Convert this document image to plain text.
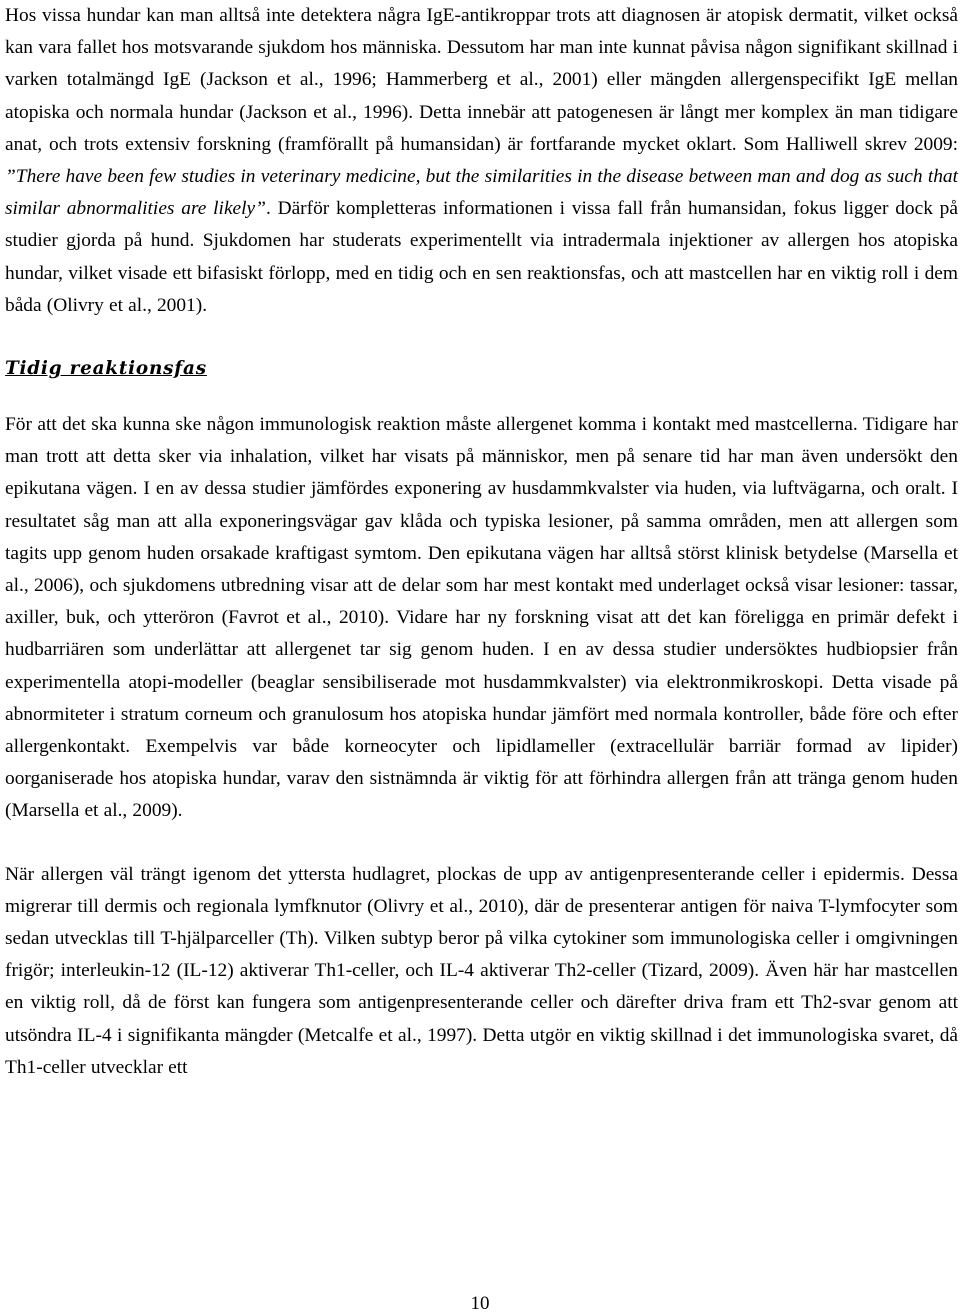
Hos vissa hundar kan man alltså inte detektera några IgE-antikroppar trots att diagnosen är atopisk dermatit, vilket också kan vara fallet hos motsvarande sjukdom hos människa. Dessutom har man inte kunnat påvisa någon signifikant skillnad i varken totalmängd IgE (Jackson et al., 1996; Hammerberg et al., 2001) eller mängden allergenspecifikt IgE mellan atopiska och normala hundar (Jackson et al., 1996). Detta innebär att patogenesen är långt mer komplex än man tidigare anat, och trots extensiv forskning (framförallt på humansidan) är fortfarande mycket oklart. Som Halliwell skrev 2009: ”There have been few studies in veterinary medicine, but the similarities in the disease between man and dog as such that similar abnormalities are likely”. Därför kompletteras informationen i vissa fall från humansidan, fokus ligger dock på studier gjorda på hund. Sjukdomen har studerats experimentellt via intradermala injektioner av allergen hos atopiska hundar, vilket visade ett bifasiskt förlopp, med en tidig och en sen reaktionsfas, och att mastcellen har en viktig roll i dem båda (Olivry et al., 2001).

Tidig reaktionsfas

För att det ska kunna ske någon immunologisk reaktion måste allergenet komma i kontakt med mastcellerna. Tidigare har man trott att detta sker via inhalation, vilket har visats på människor, men på senare tid har man även undersökt den epikutana vägen. I en av dessa studier jämfördes exponering av husdammkvalster via huden, via luftvägarna, och oralt. I resultatet såg man att alla exponeringsvägar gav klåda och typiska lesioner, på samma områden, men att allergen som tagits upp genom huden orsakade kraftigast symtom. Den epikutana vägen har alltså störst klinisk betydelse (Marsella et al., 2006), och sjukdomens utbredning visar att de delar som har mest kontakt med underlaget också visar lesioner: tassar, axiller, buk, och ytteröron (Favrot et al., 2010). Vidare har ny forskning visat att det kan föreligga en primär defekt i hudbarriären som underlättar att allergenet tar sig genom huden. I en av dessa studier undersöktes hudbiopsier från experimentella atopi-modeller (beaglar sensibiliserade mot husdammkvalster) via elektronmikroskopi. Detta visade på abnormiteter i stratum corneum och granulosum hos atopiska hundar jämfört med normala kontroller, både före och efter allergenkontakt. Exempelvis var både korneocyter och lipidlameller (extracellulär barriär formad av lipider) oorganiserade hos atopiska hundar, varav den sistnämnda är viktig för att förhindra allergen från att tränga genom huden (Marsella et al., 2009).

När allergen väl trängt igenom det yttersta hudlagret, plockas de upp av antigenpresenterande celler i epidermis. Dessa migrerar till dermis och regionala lymfknutor (Olivry et al., 2010), där de presenterar antigen för naiva T-lymfocyter som sedan utvecklas till T-hjälparceller (Th). Vilken subtyp beror på vilka cytokiner som immunologiska celler i omgivningen frigör; interleukin-12 (IL-12) aktiverar Th1-celler, och IL-4 aktiverar Th2-celler (Tizard, 2009). Även här har mastcellen en viktig roll, då de först kan fungera som antigenpresenterande celler och därefter driva fram ett Th2-svar genom att utsöndra IL-4 i signifikanta mängder (Metcalfe et al., 1997). Detta utgör en viktig skillnad i det immunologiska svaret, då Th1-celler utvecklar ett

10
